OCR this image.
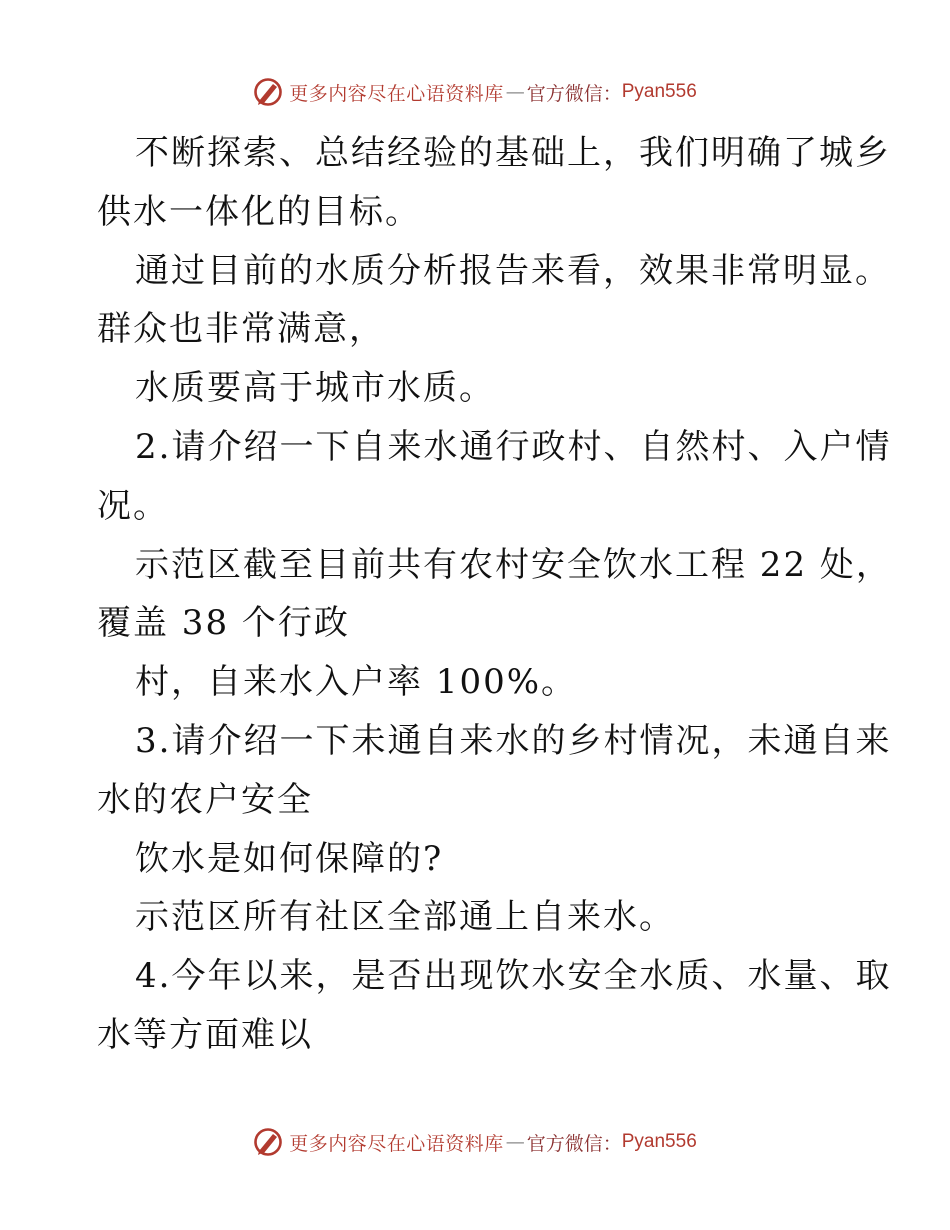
更多内容尽在心语资料库 — 官方微信： Pyan556
不断探索、总结经验的基础上，我们明确了城乡
供水一体化的目标。
通过目前的水质分析报告来看，效果非常明显。
群众也非常满意，
水质要高于城市水质。
2.请介绍一下自来水通行政村、自然村、入户情
况。
示范区截至目前共有农村安全饮水工程 22 处，
覆盖 38 个行政
村，自来水入户率 100%。
3.请介绍一下未通自来水的乡村情况，未通自来
水的农户安全
饮水是如何保障的?
示范区所有社区全部通上自来水。
4.今年以来，是否出现饮水安全水质、水量、取
水等方面难以
更多内容尽在心语资料库 — 官方微信： Pyan556
